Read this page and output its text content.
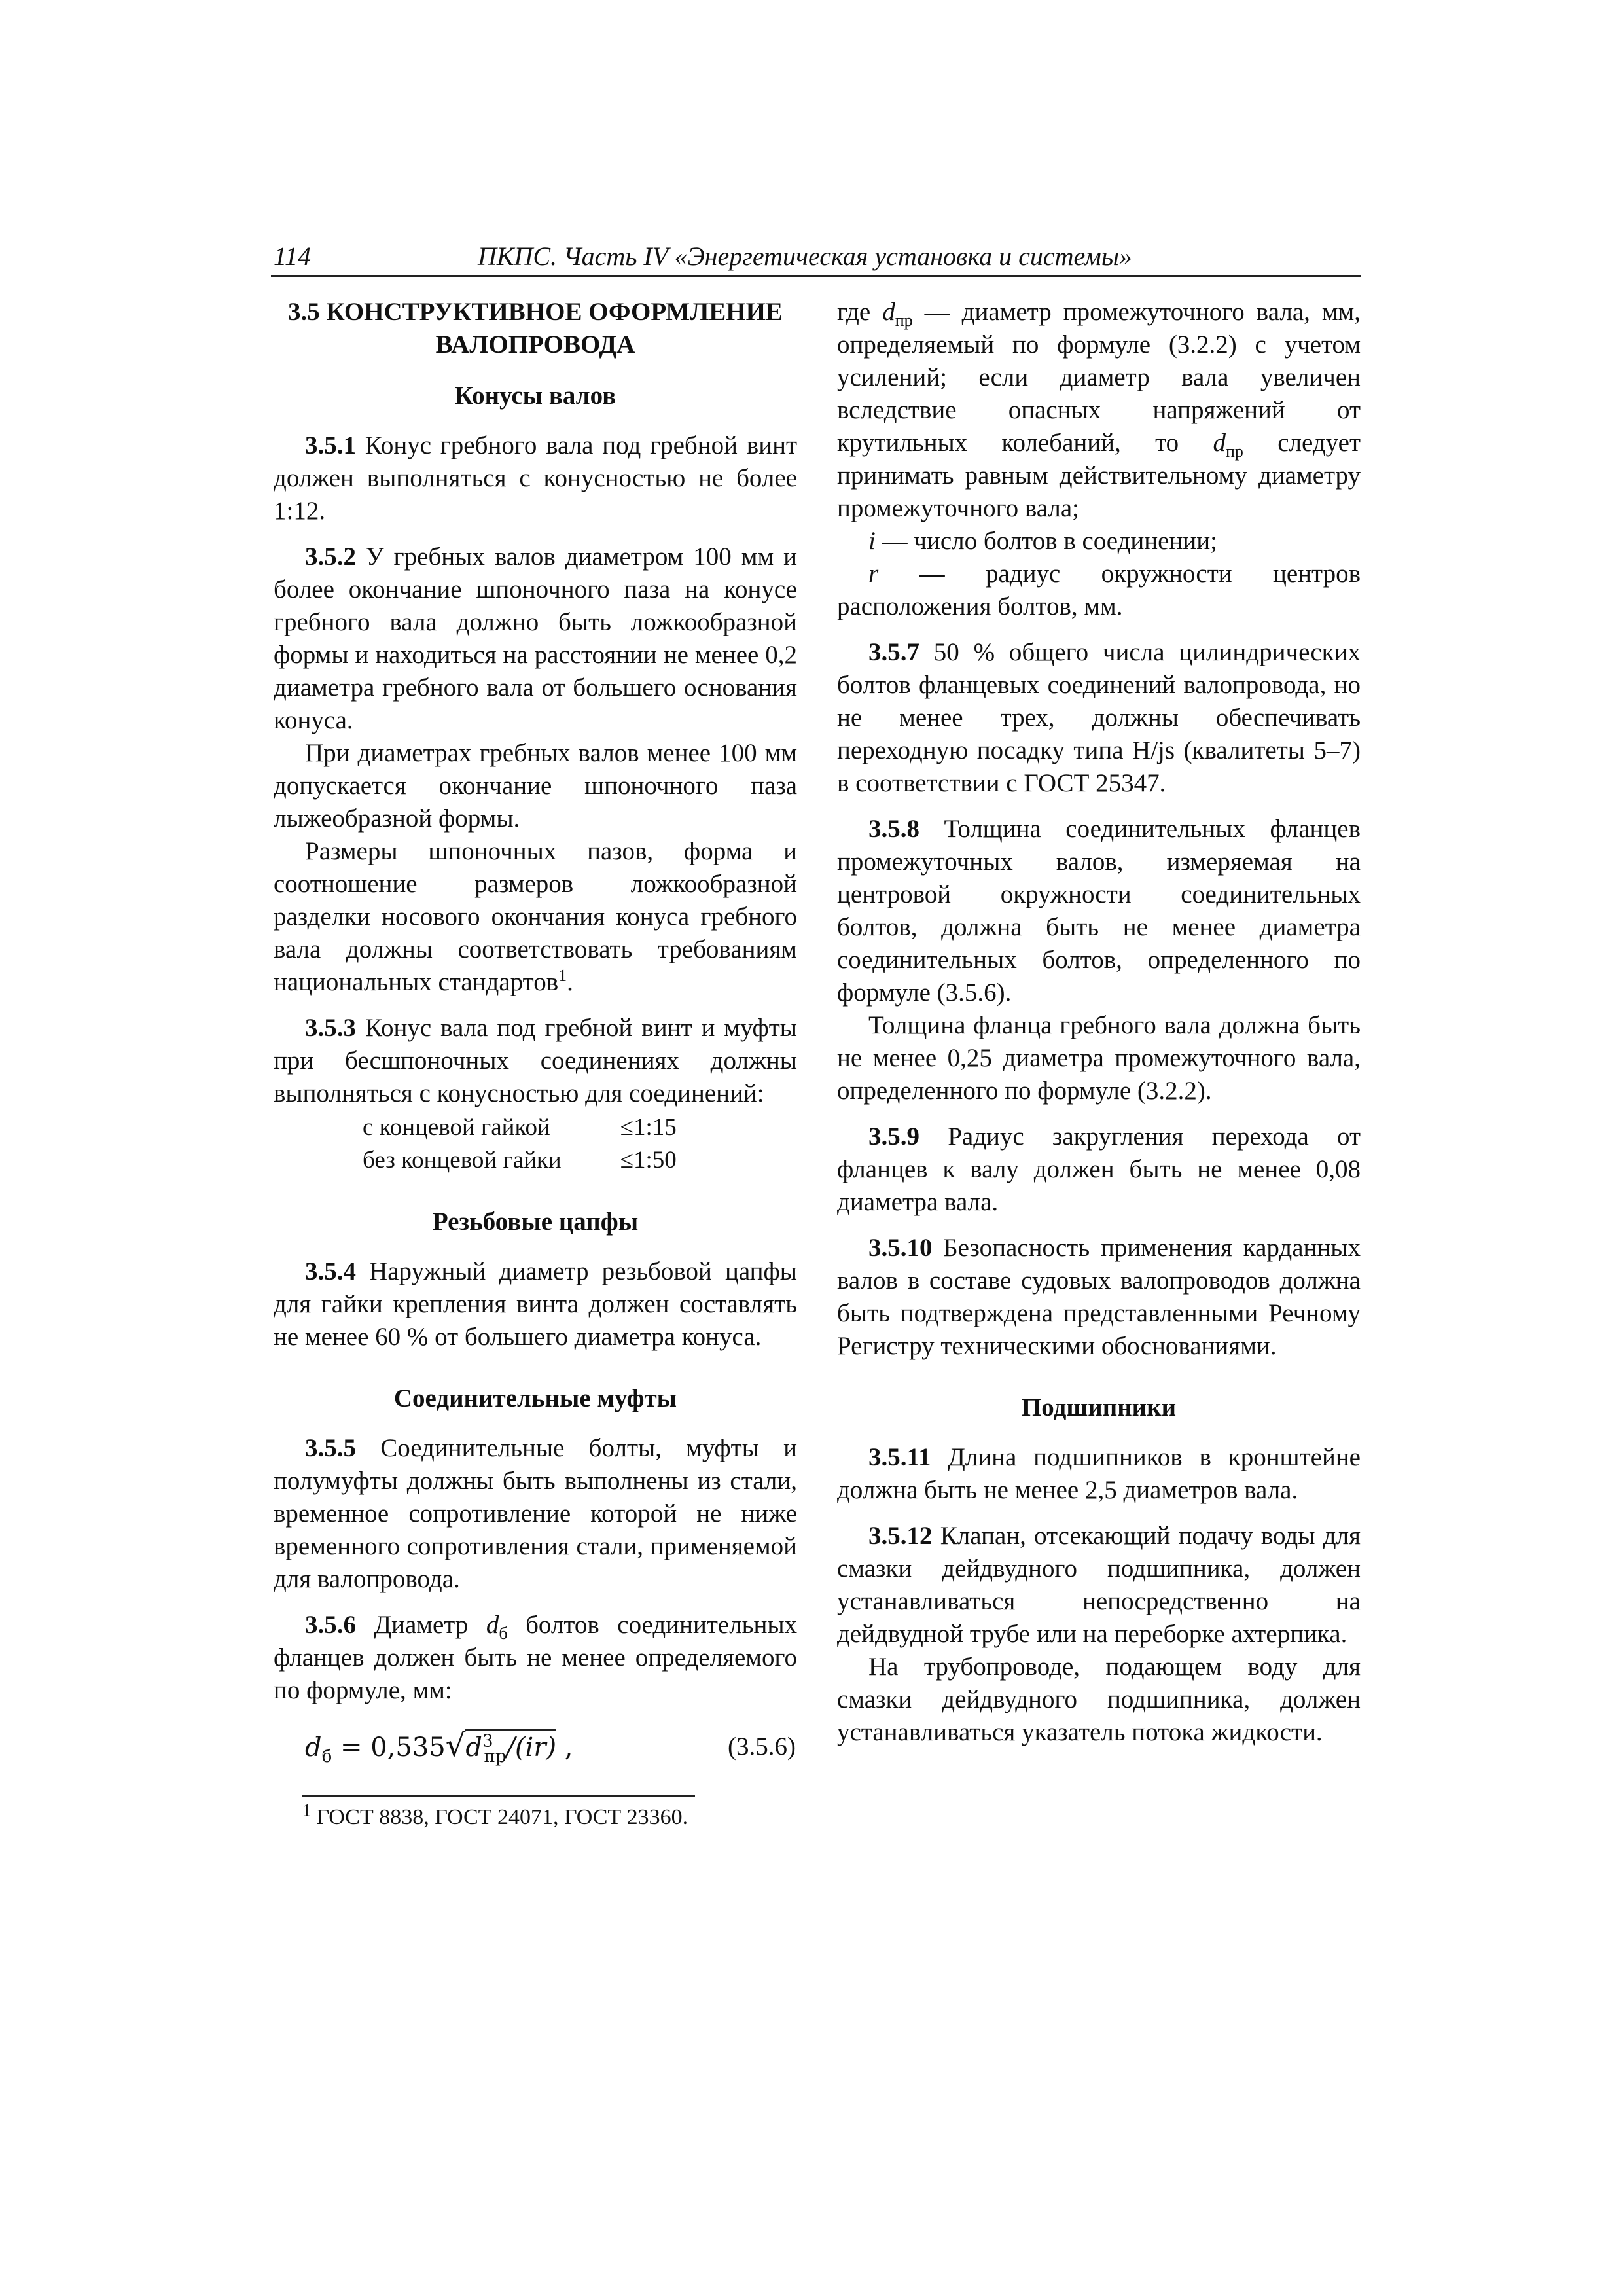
114	ПКПС. Часть IV «Энергетическая установка и системы»
3.5 КОНСТРУКТИВНОЕ ОФОРМЛЕНИЕ
ВАЛОПРОВОДА
Конусы валов

3.5.1 Конус гребного вала под гребной винт должен выполняться с конусностью не более 1:12.

3.5.2 У гребных валов диаметром 100 мм и более окончание шпоночного паза на конусе гребного вала должно быть ложкообразной формы и находиться на расстоянии не менее 0,2 диаметра гребного вала от большего основания конуса.

При диаметрах гребных валов менее 100 мм допускается окончание шпоночного паза лыжеобразной формы.

Размеры шпоночных пазов, форма и соотношение размеров ложкообразной разделки носового окончания конуса гребного вала должны соответствовать требованиям национальных стандартов$^1$.

3.5.3 Конус вала под гребной винт и муфты при бесшпоночных соединениях должны выполняться с конусностью для соединений:

с концевой гайкой	≤1:15
без концевой гайки	≤1:50
Резьбовые цапфы

3.5.4 Наружный диаметр резьбовой цапфы для гайки крепления винта должен составлять не менее 60 % от большего диаметра конуса.

Соединительные муфты

3.5.5 Соединительные болты, муфты и полумуфты должны быть выполнены из стали, временное сопротивление которой не ниже временного сопротивления стали, применяемой для валопровода.

3.5.6 Диаметр $d_б$ болтов соединительных фланцев должен быть не менее определяемого по формуле, мм:

$d_б = 0,535√d^3_{пр}/(ir)$ ,	(3.5.6)
$^1$ ГОСТ 8838, ГОСТ 24071, ГОСТ 23360.

где $d_{пр}$ — диаметр промежуточного вала, мм, определяемый по формуле (3.2.2) с учетом усилений; если диаметр вала увеличен вследствие опасных напряжений от крутильных колебаний, то $d_{пр}$ следует принимать равным действительному диаметру промежуточного вала;

i — число болтов в соединении;

r — радиус окружности центров расположения болтов, мм.

3.5.7 50 % общего числа цилиндрических болтов фланцевых соединений валопровода, но не менее трех, должны обеспечивать переходную посадку типа H/js (квалитеты 5–7) в соответствии с ГОСТ 25347.

3.5.8 Толщина соединительных фланцев промежуточных валов, измеряемая на центровой окружности соединительных болтов, должна быть не менее диаметра соединительных болтов, определенного по формуле (3.5.6).

Толщина фланца гребного вала должна быть не менее 0,25 диаметра промежуточного вала, определенного по формуле (3.2.2).

3.5.9 Радиус закругления перехода от фланцев к валу должен быть не менее 0,08 диаметра вала.

3.5.10 Безопасность применения карданных валов в составе судовых валопроводов должна быть подтверждена представленными Речному Регистру техническими обоснованиями.

Подшипники

3.5.11 Длина подшипников в кронштейне должна быть не менее 2,5 диаметров вала.

3.5.12 Клапан, отсекающий подачу воды для смазки дейдвудного подшипника, должен устанавливаться непосредственно на дейдвудной трубе или на переборке ахтерпика.

На трубопроводе, подающем воду для смазки дейдвудного подшипника, должен устанавливаться указатель потока жидкости.
